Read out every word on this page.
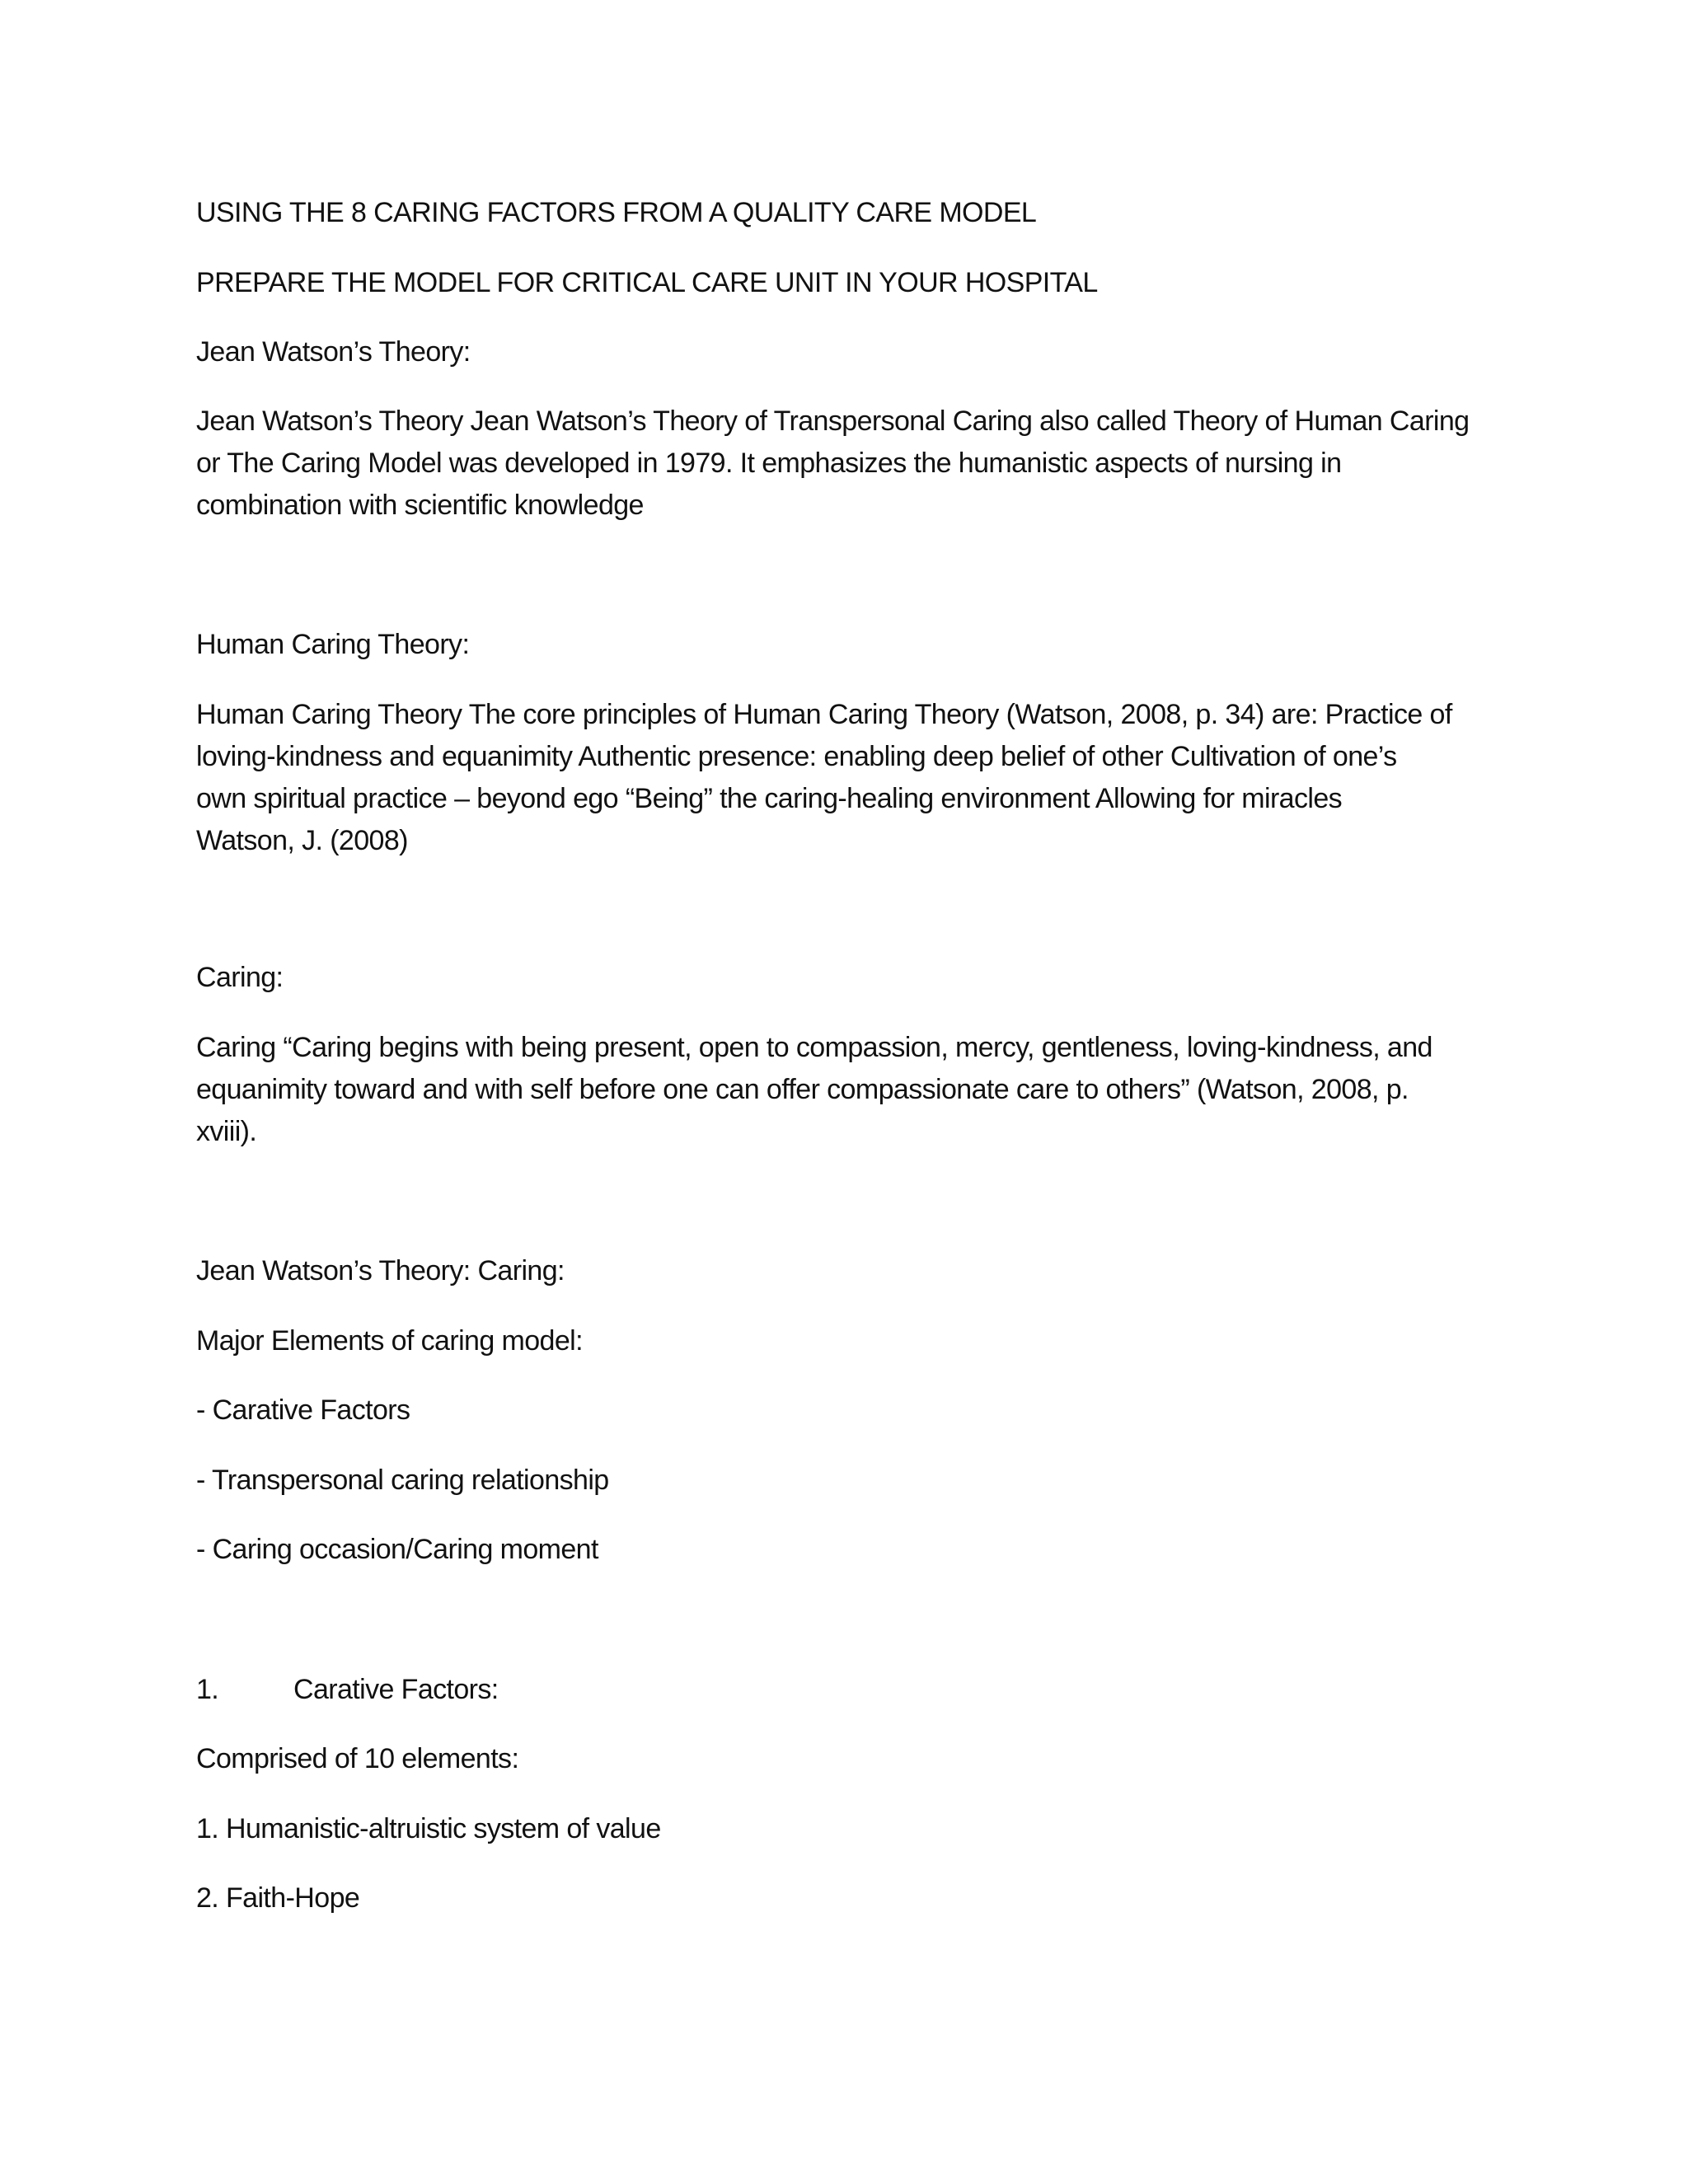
USING THE 8 CARING FACTORS FROM A QUALITY CARE MODEL

PREPARE THE MODEL FOR CRITICAL CARE UNIT IN YOUR HOSPITAL

Jean Watson’s Theory:

Jean Watson’s Theory Jean Watson’s Theory of Transpersonal Caring also called Theory of Human Caring
or The Caring Model was developed in 1979. It emphasizes the humanistic aspects of nursing in
combination with scientific knowledge

Human Caring Theory:

Human Caring Theory The core principles of Human Caring Theory (Watson, 2008, p. 34) are: Practice of
loving-kindness and equanimity Authentic presence: enabling deep belief of other Cultivation of one’s
own spiritual practice – beyond ego “Being” the caring-healing environment Allowing for miracles
Watson, J. (2008)

Caring:

Caring “Caring begins with being present, open to compassion, mercy, gentleness, loving-kindness, and
equanimity toward and with self before one can offer compassionate care to others” (Watson, 2008, p.
xviii).

Jean Watson’s Theory: Caring:

Major Elements of caring model:

- Carative Factors

- Transpersonal caring relationship

- Caring occasion/Caring moment

1.	Carative Factors:

Comprised of 10 elements:

1. Humanistic-altruistic system of value

2. Faith-Hope
